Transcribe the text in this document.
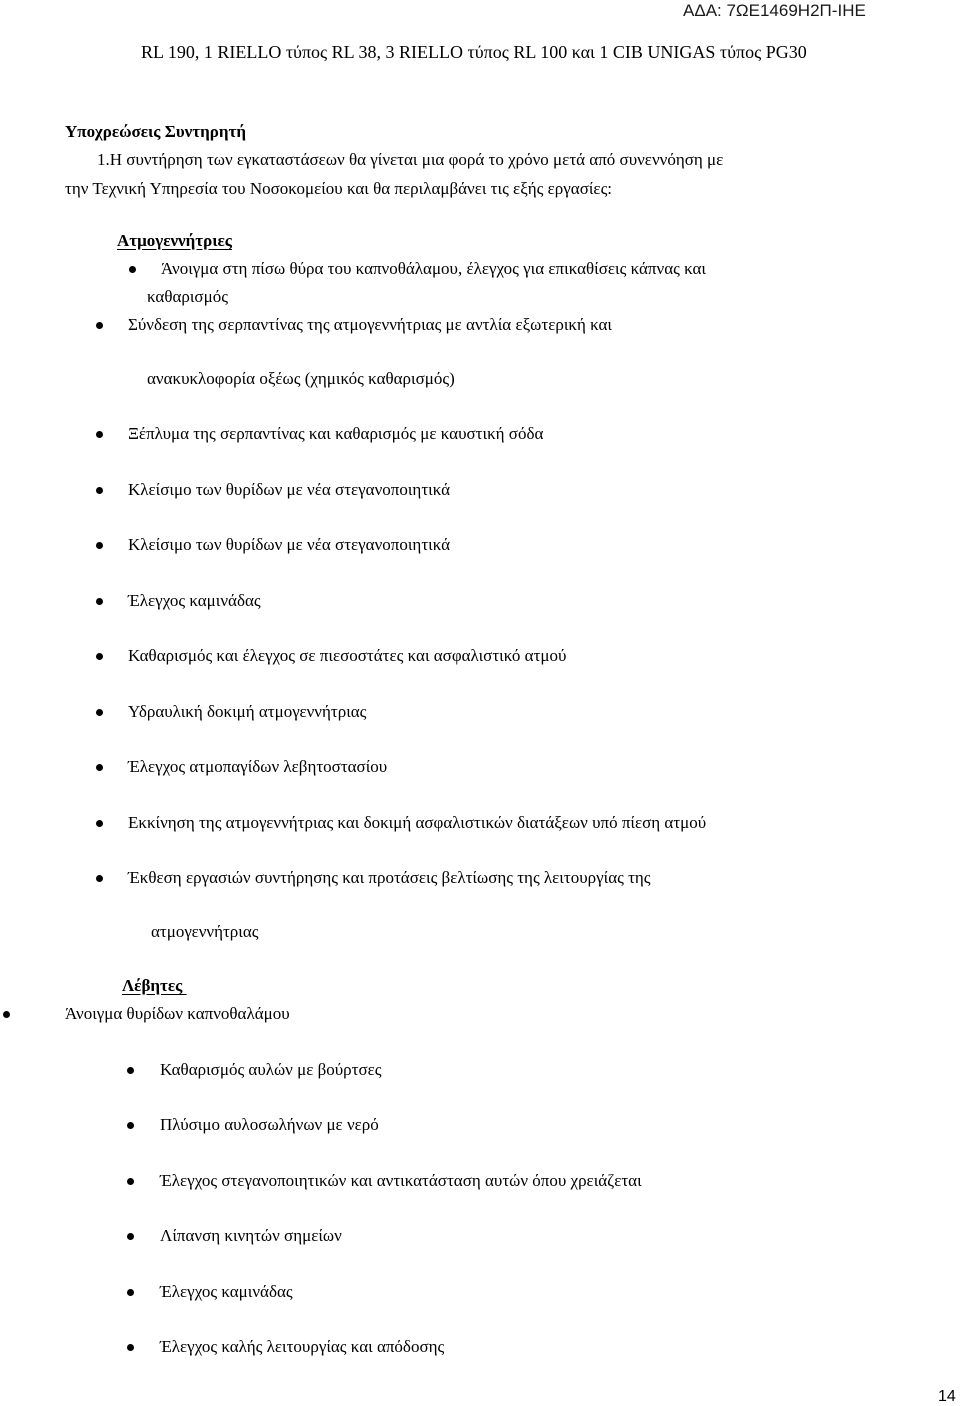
ΑΔΑ: 7ΩΕ1469Η2Π-ΙΗΕ
RL 190, 1 RIELLO τύπος RL 38, 3 RIELLO τύπος RL 100 και 1 CIB UNIGAS τύπος PG30
Υποχρεώσεις Συντηρητή
1.Η συντήρηση των εγκαταστάσεων θα γίνεται μια φορά το χρόνο μετά από συνεννόηση με
την Τεχνική Υπηρεσία του Νοσοκομείου και θα περιλαμβάνει τις εξής εργασίες:
Ατμογεννήτριες
Άνοιγμα στη πίσω θύρα του καπνοθάλαμου, έλεγχος για επικαθίσεις κάπνας και
καθαρισμός
Σύνδεση της σερπαντίνας της ατμογεννήτριας με αντλία εξωτερική και
ανακυκλοφορία οξέως (χημικός καθαρισμός)
Ξέπλυμα της σερπαντίνας και καθαρισμός με καυστική σόδα
Κλείσιμο των θυρίδων με νέα στεγανοποιητικά
Κλείσιμο των θυρίδων με νέα στεγανοποιητικά
Έλεγχος καμινάδας
Καθαρισμός και έλεγχος σε πιεσοστάτες και ασφαλιστικό ατμού
Υδραυλική δοκιμή ατμογεννήτριας
Έλεγχος ατμοπαγίδων λεβητοστασίου
Εκκίνηση της ατμογεννήτριας και δοκιμή ασφαλιστικών διατάξεων υπό πίεση ατμού
Έκθεση εργασιών συντήρησης και προτάσεις βελτίωσης της λειτουργίας της
ατμογεννήτριας
Λέβητες
Άνοιγμα θυρίδων καπνοθαλάμου
Καθαρισμός αυλών με βούρτσες
Πλύσιμο αυλοσωλήνων με νερό
Έλεγχος στεγανοποιητικών και αντικατάσταση αυτών όπου χρειάζεται
Λίπανση κινητών σημείων
Έλεγχος καμινάδας
Έλεγχος καλής λειτουργίας και απόδοσης
14
